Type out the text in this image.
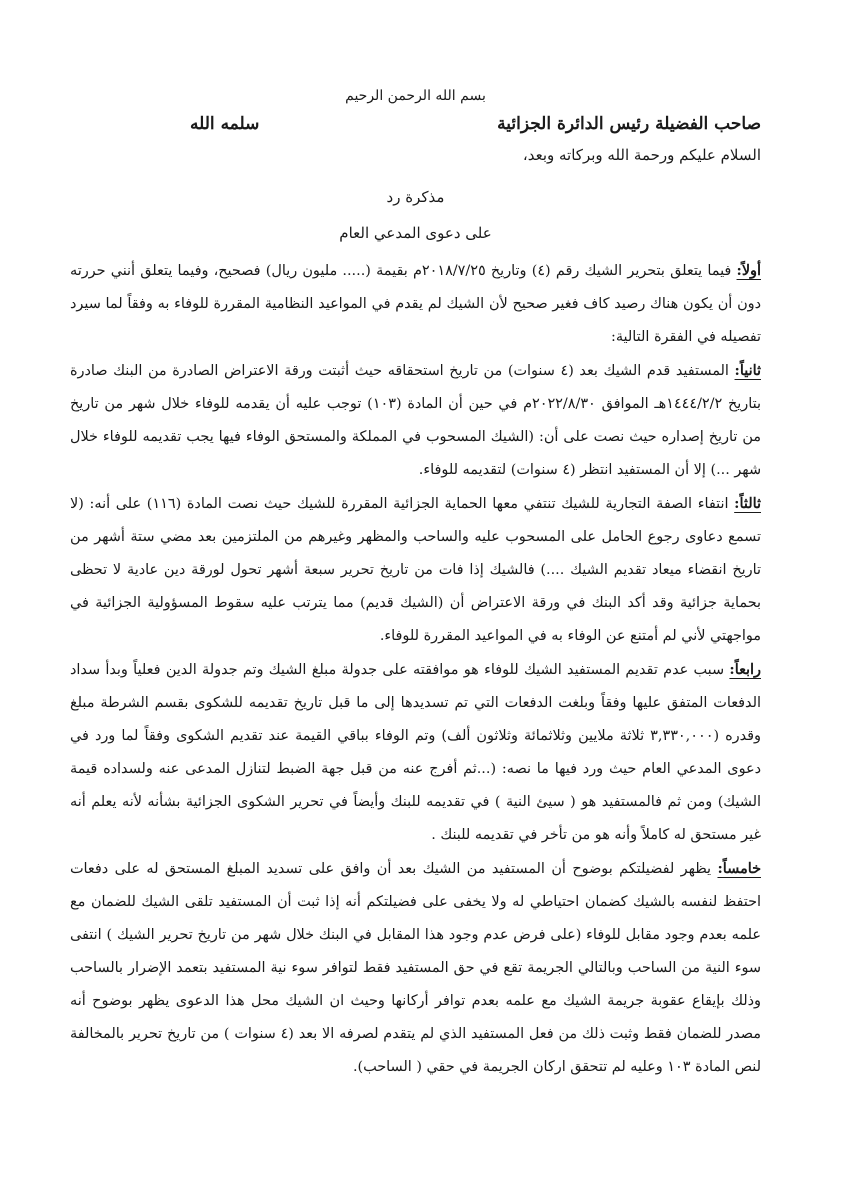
بسم الله الرحمن الرحيم

صاحب الفضيلة رئيس الدائرة الجزائية
سلمه الله

السلام عليكم ورحمة الله وبركاته وبعد،

مذكرة رد

على دعوى المدعي العام

أولاً: فيما يتعلق بتحرير الشيك رقم (٤) وتاريخ ٢٠١٨/٧/٢٥م بقيمة (..... مليون ريال) فصحيح، وفيما يتعلق أنني حررته دون أن يكون هناك رصيد كاف فغير صحيح لأن الشيك لم يقدم في المواعيد النظامية المقررة للوفاء به وفقاً لما سيرد تفصيله في الفقرة التالية:

ثانياً: المستفيد قدم الشيك بعد (٤ سنوات) من تاريخ استحقاقه حيث أثبتت ورقة الاعتراض الصادرة من البنك صادرة بتاريخ ١٤٤٤/٢/٢هـ الموافق ٢٠٢٢/٨/٣٠م في حين أن المادة (١٠٣) توجب عليه أن يقدمه للوفاء خلال شهر من تاريخ من تاريخ إصداره حيث نصت على أن: (الشيك المسحوب في المملكة والمستحق الوفاء فيها يجب تقديمه للوفاء خلال شهر ...) إلا أن المستفيد انتظر (٤ سنوات) لتقديمه للوفاء.

ثالثاً: انتفاء الصفة التجارية للشيك تنتفي معها الحماية الجزائية المقررة للشيك حيث نصت المادة (١١٦) على أنه: (لا تسمع دعاوى رجوع الحامل على المسحوب عليه والساحب والمظهر وغيرهم من الملتزمين بعد مضي ستة أشهر من تاريخ انقضاء ميعاد تقديم الشيك ....) فالشيك إذا فات من تاريخ تحرير سبعة أشهر تحول لورقة دين عادية لا تحظى بحماية جزائية وقد أكد البنك في ورقة الاعتراض أن (الشيك قديم) مما يترتب عليه سقوط المسؤولية الجزائية في مواجهتي لأني لم أمتنع عن الوفاء به في المواعيد المقررة للوفاء.

رابعاً: سبب عدم تقديم المستفيد الشيك للوفاء هو موافقته على جدولة مبلغ الشيك وتم جدولة الدين فعلياً وبدأ سداد الدفعات المتفق عليها وفقاً وبلغت الدفعات التي تم تسديدها إلى ما قبل تاريخ تقديمه للشكوى بقسم الشرطة مبلغ وقدره (٣,٣٣٠,٠٠٠ ثلاثة ملايين وثلاثمائة وثلاثون ألف) وتم الوفاء بباقي القيمة عند تقديم الشكوى وفقاً لما ورد في دعوى المدعي العام حيث ورد فيها ما نصه: (...ثم أفرج عنه من قبل جهة الضبط لتنازل المدعى عنه ولسداده قيمة الشيك) ومن ثم فالمستفيد هو ( سيئ النية ) في تقديمه للبنك وأيضاً في تحرير الشكوى الجزائية بشأنه لأنه يعلم أنه غير مستحق له كاملاً وأنه هو من تأخر في تقديمه للبنك .

خامساً: يظهر لفضيلتكم بوضوح أن المستفيد من الشيك بعد أن وافق على تسديد المبلغ المستحق له على دفعات احتفظ لنفسه بالشيك كضمان احتياطي له ولا يخفى على فضيلتكم أنه إذا ثبت أن المستفيد تلقى الشيك للضمان مع علمه بعدم وجود مقابل للوفاء (على فرض عدم وجود هذا المقابل في البنك خلال شهر من تاريخ تحرير الشيك ) انتفى سوء النية من الساحب وبالتالي الجريمة تقع في حق المستفيد فقط لتوافر سوء نية المستفيد بتعمد الإضرار بالساحب وذلك بإيقاع عقوبة جريمة الشيك مع علمه بعدم توافر أركانها وحيث ان الشيك محل هذا الدعوى يظهر بوضوح أنه مصدر للضمان فقط وثبت ذلك من فعل المستفيد الذي لم يتقدم لصرفه الا بعد (٤ سنوات ) من تاريخ تحرير بالمخالفة لنص المادة ١٠٣ وعليه لم تتحقق اركان الجريمة في حقي ( الساحب).
